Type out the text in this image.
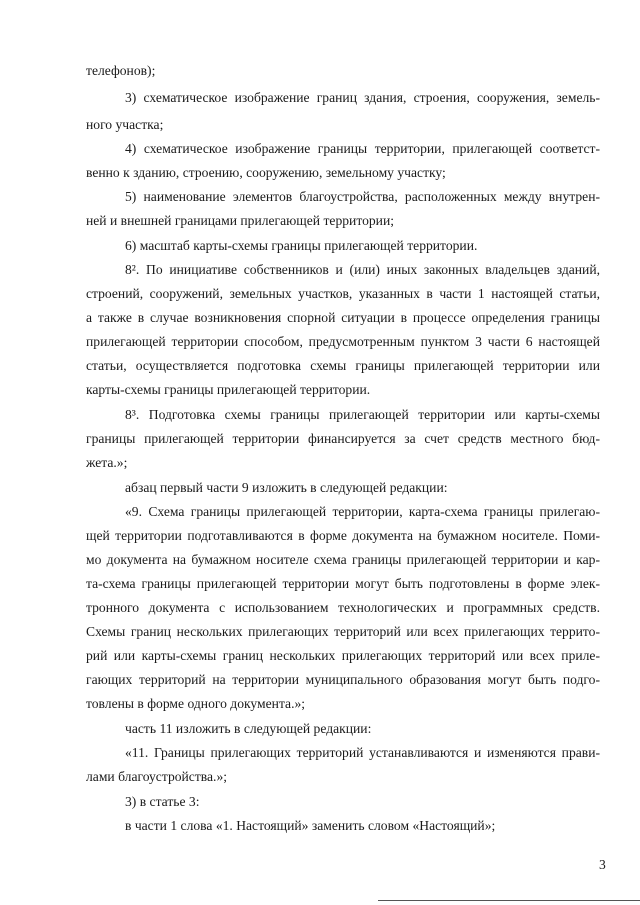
телефонов);
3) схематическое изображение границ здания, строения, сооружения, земель-
ного участка;
4) схематическое изображение границы территории, прилегающей соответст-
венно к зданию, строению, сооружению, земельному участку;
5) наименование элементов благоустройства, расположенных между внутрен-
ней и внешней границами прилегающей территории;
6) масштаб карты-схемы границы прилегающей территории.
8². По инициативе собственников и (или) иных законных владельцев зданий,
строений, сооружений, земельных участков, указанных в части 1 настоящей статьи,
а также в случае возникновения спорной ситуации в процессе определения границы
прилегающей территории способом, предусмотренным пунктом 3 части 6 настоящей
статьи, осуществляется подготовка схемы границы прилегающей территории или
карты-схемы границы прилегающей территории.
8³. Подготовка схемы границы прилегающей территории или карты-схемы
границы прилегающей территории финансируется за счет средств местного бюд-
жета.»;
абзац первый части 9 изложить в следующей редакции:
«9. Схема границы прилегающей территории, карта-схема границы прилегаю-
щей территории подготавливаются в форме документа на бумажном носителе. Поми-
мо документа на бумажном носителе схема границы прилегающей территории и кар-
та-схема границы прилегающей территории могут быть подготовлены в форме элек-
тронного документа с использованием технологических и программных средств.
Схемы границ нескольких прилегающих территорий или всех прилегающих террито-
рий или карты-схемы границ нескольких прилегающих территорий или всех приле-
гающих территорий на территории муниципального образования могут быть подго-
товлены в форме одного документа.»;
часть 11 изложить в следующей редакции:
«11. Границы прилегающих территорий устанавливаются и изменяются прави-
лами благоустройства.»;
3) в статье 3:
в части 1 слова «1. Настоящий» заменить словом «Настоящий»;
3
